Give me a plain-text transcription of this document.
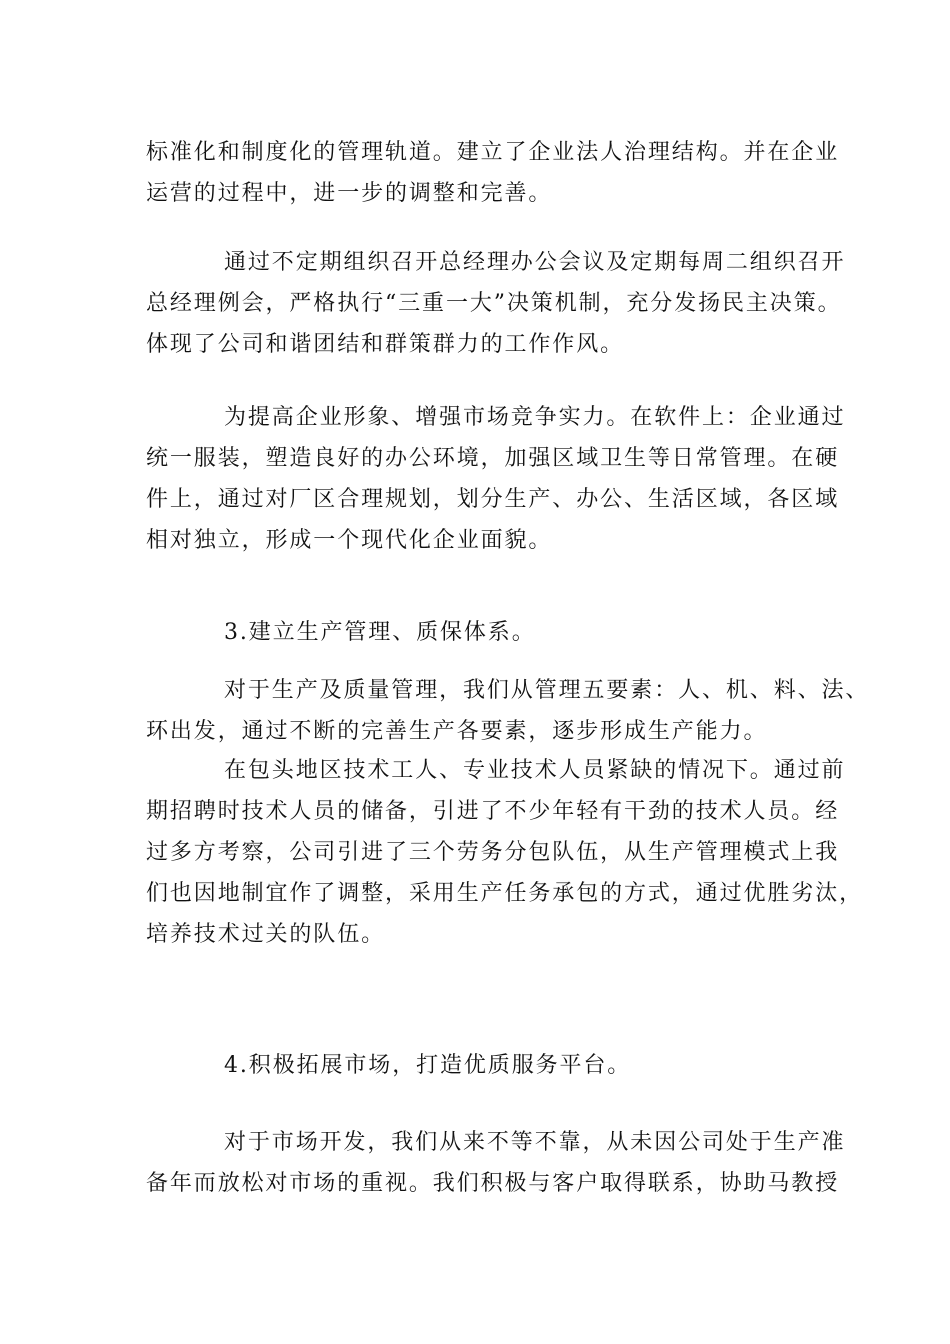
标准化和制度化的管理轨道。建立了企业法人治理结构。并在企业
运营的过程中，进一步的调整和完善。

通过不定期组织召开总经理办公会议及定期每周二组织召开
总经理例会，严格执行“三重一大”决策机制，充分发扬民主决策。
体现了公司和谐团结和群策群力的工作作风。

为提高企业形象、增强市场竞争实力。在软件上：企业通过
统一服装，塑造良好的办公环境，加强区域卫生等日常管理。在硬
件上，通过对厂区合理规划，划分生产、办公、生活区域，各区域
相对独立，形成一个现代化企业面貌。

3.建立生产管理、质保体系。

对于生产及质量管理，我们从管理五要素：人、机、料、法、
环出发，通过不断的完善生产各要素，逐步形成生产能力。

在包头地区技术工人、专业技术人员紧缺的情况下。通过前
期招聘时技术人员的储备，引进了不少年轻有干劲的技术人员。经
过多方考察，公司引进了三个劳务分包队伍，从生产管理模式上我
们也因地制宜作了调整，采用生产任务承包的方式，通过优胜劣汰，
培养技术过关的队伍。

4.积极拓展市场，打造优质服务平台。

对于市场开发，我们从来不等不靠，从未因公司处于生产准
备年而放松对市场的重视。我们积极与客户取得联系，协助马教授
